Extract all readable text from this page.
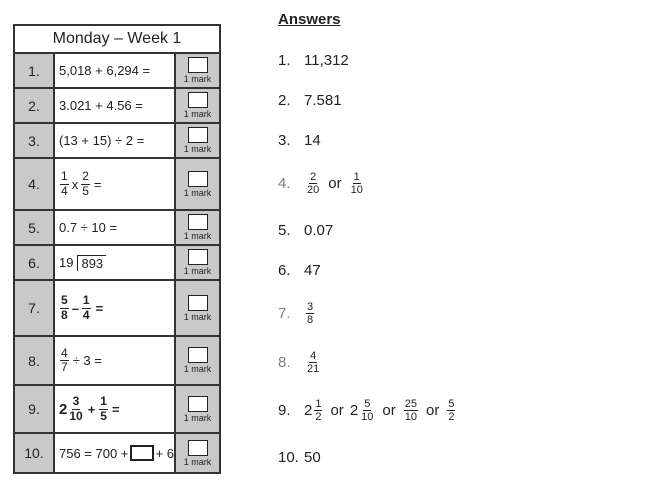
Monday – Week 1
1.	5,018 + 6,294 =
1 mark
2.	3.021 + 4.56 =
1 mark
3.	(13 + 15) ÷ 2 =
1 mark
4.	$\frac{1}{4}$ x $\frac{2}{5}$ =
1 mark
5.	0.7 ÷ 10 =
1 mark
6.	19 893
1 mark
7.	$\frac{5}{8} - \frac{1}{4}$ =
1 mark
8.	$\frac{4}{7} \div 3$ =
1 mark
9.	$2 \frac{3}{10} + \frac{1}{5}$ =
1 mark
10.	756 = 700 + + 6
1 mark
Answers
1. 11,312
2. 7.581
3. 14
4.	$\frac{2}{20}$ or $\frac{1}{10}$
5. 0.07
6. 47
7.	$\frac{3}{8}$
8.	$\frac{4}{21}$
9. $2 \frac{1}{2}$ or $2 \frac{5}{10}$ or $\frac{25}{10}$ or $\frac{5}{2}$
10. 50
